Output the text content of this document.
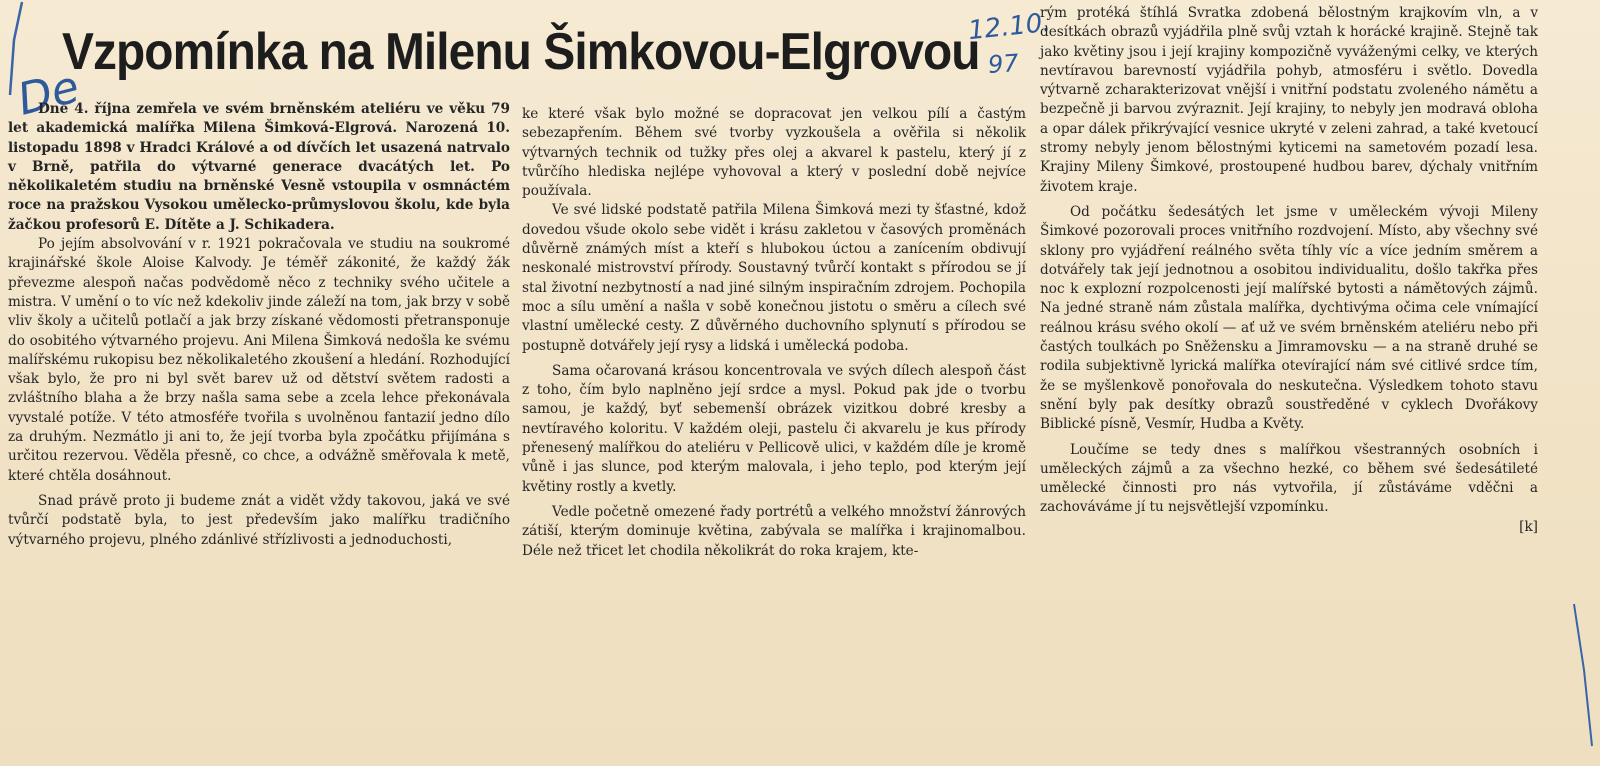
De
12.10.
97
Vzpomínka na Milenu Šimkovou-Elgrovou

Dne 4. října zemřela ve svém brněnském ateliéru ve věku 79 let akademická malířka Milena Šimková-Elgrová. Narozená 10. listopadu 1898 v Hradci Králové a od dívčích let usazená natrvalo v Brně, patřila do výtvarné generace dvacátých let. Po několikaletém studiu na brněnské Vesně vstoupila v osmnáctém roce na pražskou Vysokou umělecko-průmyslovou školu, kde byla žačkou profesorů E. Dítěte a J. Schikadera.

Po jejím absolvování v r. 1921 pokračovala ve studiu na soukromé krajinářské škole Aloise Kalvody. Je téměř zákonité, že každý žák převezme alespoň načas podvědomě něco z techniky svého učitele a mistra. V umění o to víc než kdekoliv jinde záleží na tom, jak brzy v sobě vliv školy a učitelů potlačí a jak brzy získané vědomosti přetransponuje do osobitého výtvarného projevu. Ani Milena Šimková nedošla ke svému malířskému rukopisu bez několikaletého zkoušení a hledání. Rozhodující však bylo, že pro ni byl svět barev už od dětství světem radosti a zvláštního blaha a že brzy našla sama sebe a zcela lehce překonávala vyvstalé potíže. V této atmosféře tvořila s uvolněnou fantazií jedno dílo za druhým. Nezmátlo ji ani to, že její tvorba byla zpočátku přijímána s určitou rezervou. Věděla přesně, co chce, a odvážně směřovala k metě, které chtěla dosáhnout.

Snad právě proto ji budeme znát a vidět vždy takovou, jaká ve své tvůrčí podstatě byla, to jest především jako malířku tradičního výtvarného projevu, plného zdánlivé střízlivosti a jednoduchosti,

ke které však bylo možné se dopracovat jen velkou pílí a častým sebezapřením. Během své tvorby vyzkoušela a ověřila si několik výtvarných technik od tužky přes olej a akvarel k pastelu, který jí z tvůrčího hlediska nejlépe vyhovoval a který v poslední době nejvíce používala.

Ve své lidské podstatě patřila Milena Šimková mezi ty šťastné, kdož dovedou všude okolo sebe vidět i krásu zakletou v časových proměnách důvěrně známých míst a kteří s hlubokou úctou a zanícením obdivují neskonalé mistrovství přírody. Soustavný tvůrčí kontakt s přírodou se jí stal životní nezbytností a nad jiné silným inspiračním zdrojem. Pochopila moc a sílu umění a našla v sobě konečnou jistotu o směru a cílech své vlastní umělecké cesty. Z důvěrného duchovního splynutí s přírodou se postupně dotvářely její rysy a lidská i umělecká podoba.

Sama očarovaná krásou koncentrovala ve svých dílech alespoň část z toho, čím bylo naplněno její srdce a mysl. Pokud pak jde o tvorbu samou, je každý, byť sebemenší obrázek vizitkou dobré kresby a nevtíravého koloritu. V každém oleji, pastelu či akvarelu je kus přírody přenesený malířkou do ateliéru v Pellicově ulici, v každém díle je kromě vůně i jas slunce, pod kterým malovala, i jeho teplo, pod kterým její květiny rostly a kvetly.

Vedle početně omezené řady portrétů a velkého množství žánrových zátiší, kterým dominuje květina, zabývala se malířka i krajinomalbou. Déle než třicet let chodila několikrát do roka krajem, kte-

rým protéká štíhlá Svratka zdobená bělostným krajkovím vln, a v desítkách obrazů vyjádřila plně svůj vztah k horácké krajině. Stejně tak jako květiny jsou i její krajiny kompozičně vyváženými celky, ve kterých nevtíravou barevností vyjádřila pohyb, atmosféru i světlo. Dovedla výtvarně zcharakterizovat vnější i vnitřní podstatu zvoleného námětu a bezpečně ji barvou zvýraznit. Její krajiny, to nebyly jen modravá obloha a opar dálek přikrývající vesnice ukryté v zeleni zahrad, a také kvetoucí stromy nebyly jenom bělostnými kyticemi na sametovém pozadí lesa. Krajiny Mileny Šimkové, prostoupené hudbou barev, dýchaly vnitřním životem kraje.

Od počátku šedesátých let jsme v uměleckém vývoji Mileny Šimkové pozorovali proces vnitřního rozdvojení. Místo, aby všechny své sklony pro vyjádření reálného světa tíhly víc a více jedním směrem a dotvářely tak její jednotnou a osobitou individualitu, došlo takřka přes noc k explozní rozpolcenosti její malířské bytosti a námětových zájmů. Na jedné straně nám zůstala malířka, dychtivýma očima cele vnímající reálnou krásu svého okolí — ať už ve svém brněnském ateliéru nebo při častých toulkách po Sněžensku a Jimramovsku — a na straně druhé se rodila subjektivně lyrická malířka otevírající nám své citlivé srdce tím, že se myšlenkově ponořovala do neskutečna. Výsledkem tohoto stavu snění byly pak desítky obrazů soustředěné v cyklech Dvořákovy Biblické písně, Vesmír, Hudba a Květy.

Loučíme se tedy dnes s malířkou všestranných osobních i uměleckých zájmů a za všechno hezké, co během své šedesátileté umělecké činnosti pro nás vytvořila, jí zůstáváme vděčni a zachováváme jí tu nejsvětlejší vzpomínku.

[k]
